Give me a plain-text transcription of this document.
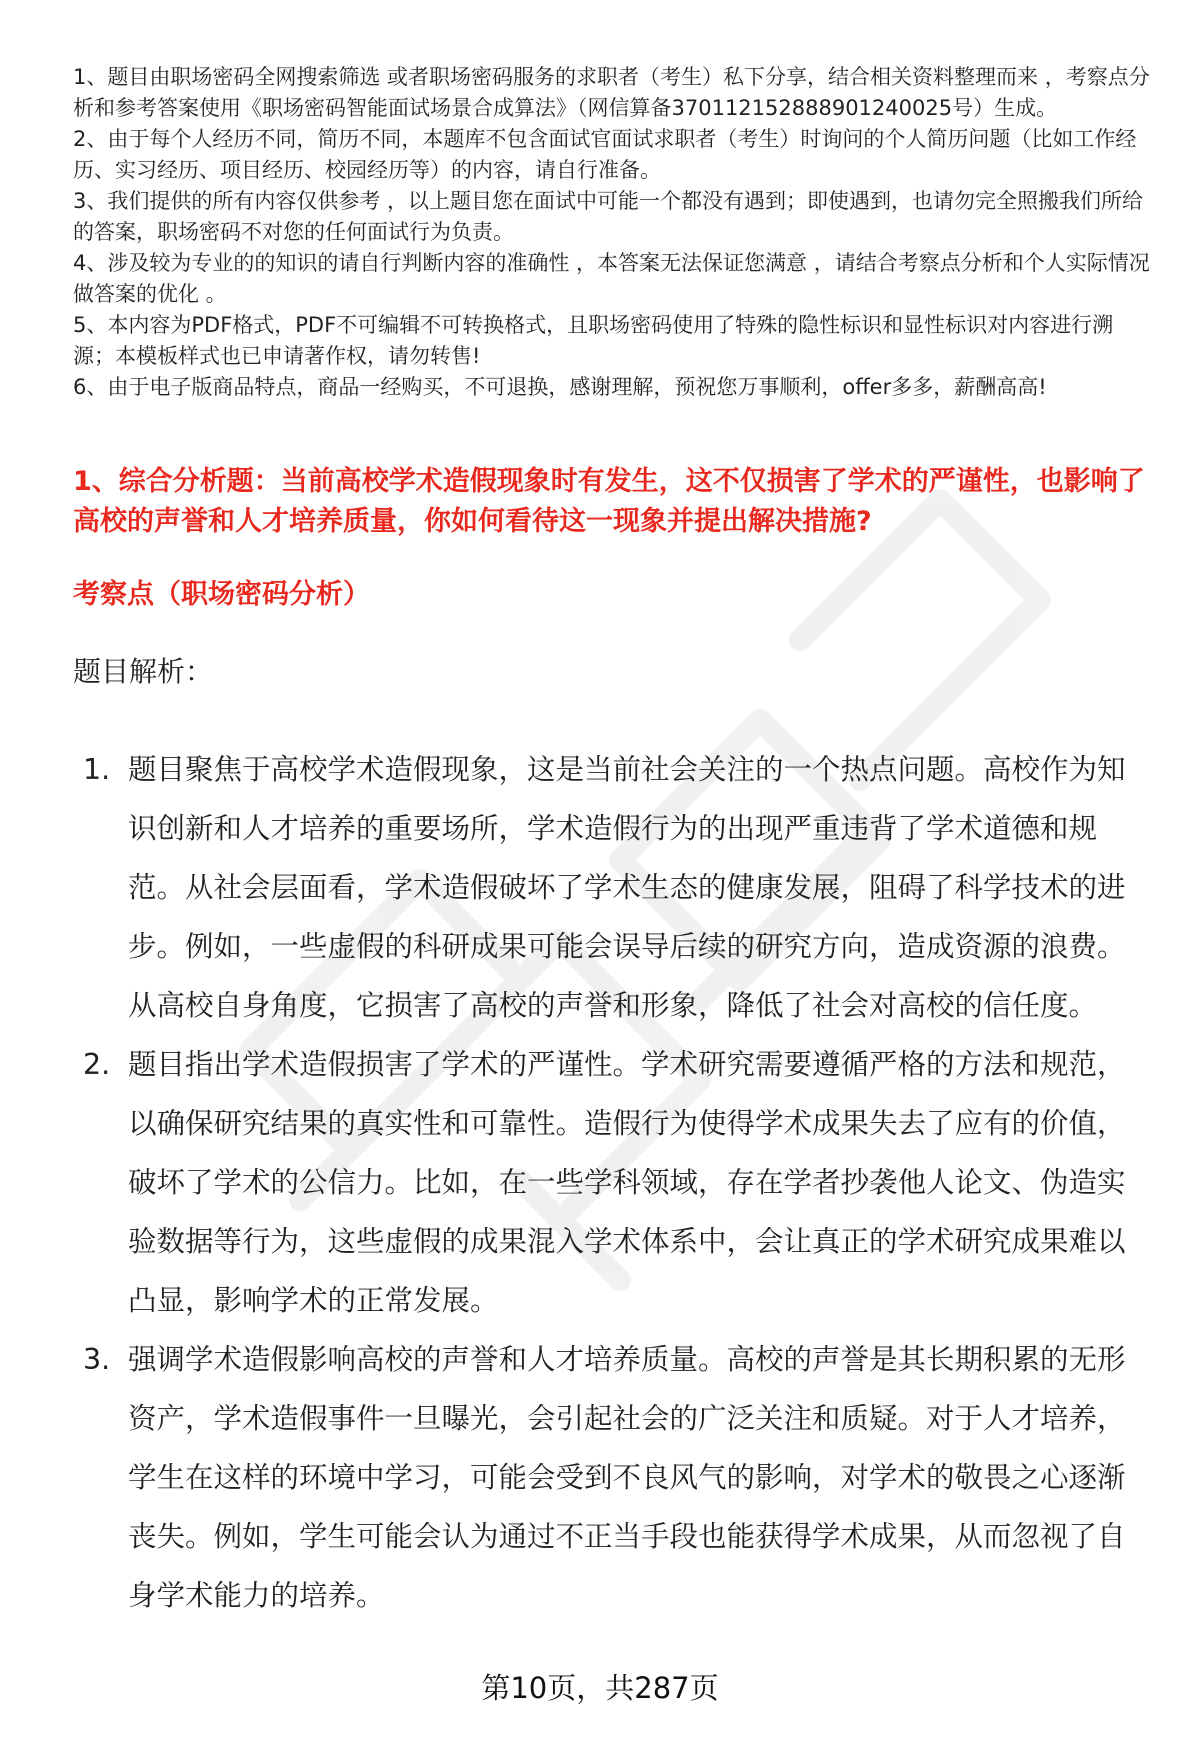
1、题目由职场密码全网搜索筛选 或者职场密码服务的求职者（考生）私下分享，结合相关资料整理而来 ，考察点分析和参考答案使用《职场密码智能面试场景合成算法》（网信算备370112152888901240025号）生成。

2、由于每个人经历不同，简历不同，本题库不包含面试官面试求职者（考生）时询问的个人简历问题（比如工作经历、实习经历、项目经历、校园经历等）的内容，请自行准备。

3、我们提供的所有内容仅供参考 ，以上题目您在面试中可能一个都没有遇到；即使遇到，也请勿完全照搬我们所给的答案，职场密码不对您的任何面试行为负责。

4、涉及较为专业的的知识的请自行判断内容的准确性 ，本答案无法保证您满意 ，请结合考察点分析和个人实际情况做答案的优化 。

5、本内容为PDF格式，PDF不可编辑不可转换格式，且职场密码使用了特殊的隐性标识和显性标识对内容进行溯源；本模板样式也已申请著作权，请勿转售!

6、由于电子版商品特点，商品一经购买，不可退换，感谢理解，预祝您万事顺利，offer多多，薪酬高高!

1、综合分析题：当前高校学术造假现象时有发生，这不仅损害了学术的严谨性，也影响了高校的声誉和人才培养质量，你如何看待这一现象并提出解决措施?
考察点（职场密码分析）

题目解析：

1. 题目聚焦于高校学术造假现象，这是当前社会关注的一个热点问题。高校作为知识创新和人才培养的重要场所，学术造假行为的出现严重违背了学术道德和规范。从社会层面看，学术造假破坏了学术生态的健康发展，阻碍了科学技术的进步。例如，一些虚假的科研成果可能会误导后续的研究方向，造成资源的浪费。从高校自身角度，它损害了高校的声誉和形象，降低了社会对高校的信任度。
2. 题目指出学术造假损害了学术的严谨性。学术研究需要遵循严格的方法和规范，以确保研究结果的真实性和可靠性。造假行为使得学术成果失去了应有的价值，破坏了学术的公信力。比如，在一些学科领域，存在学者抄袭他人论文、伪造实验数据等行为，这些虚假的成果混入学术体系中，会让真正的学术研究成果难以凸显，影响学术的正常发展。
3. 强调学术造假影响高校的声誉和人才培养质量。高校的声誉是其长期积累的无形资产，学术造假事件一旦曝光，会引起社会的广泛关注和质疑。对于人才培养，学生在这样的环境中学习，可能会受到不良风气的影响，对学术的敬畏之心逐渐丧失。例如，学生可能会认为通过不正当手段也能获得学术成果，从而忽视了自身学术能力的培养。
第10页，共287页
